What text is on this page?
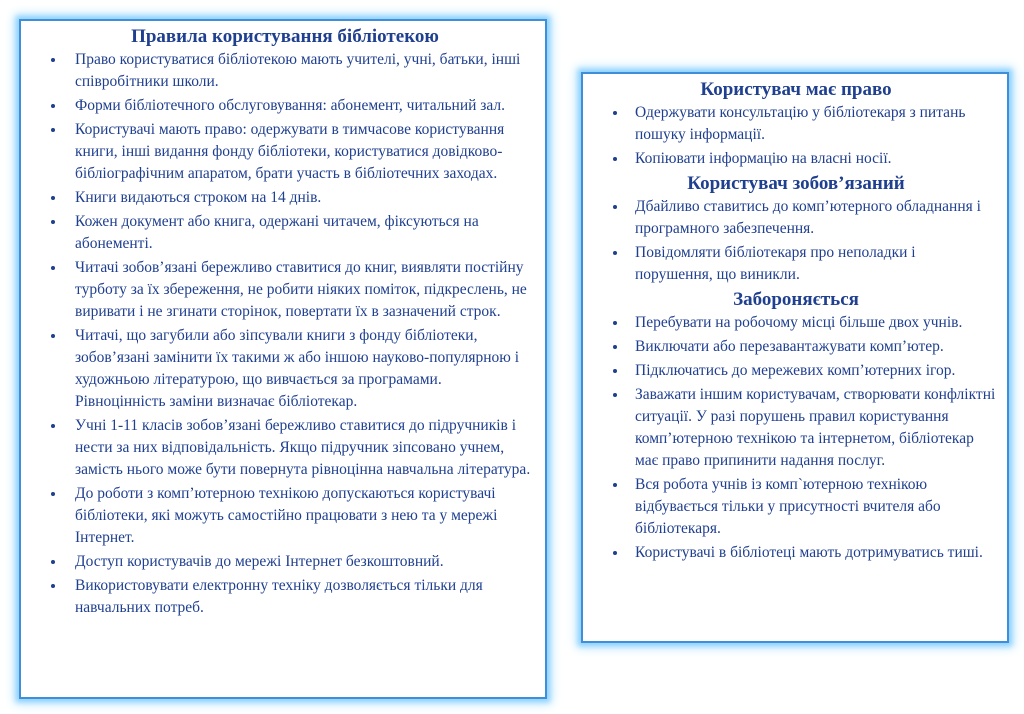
Правила користування бібліотекою
Право користуватися бібліотекою мають учителі, учні, батьки, інші співробітники школи.
Форми бібліотечного обслуговування: абонемент, читальний зал.
Користувачі мають право: одержувати в тимчасове користування книги, інші видання фонду бібліотеки, користуватися довідково-бібліографічним апаратом, брати участь в бібліотечних заходах.
Книги видаються строком на 14 днів.
Кожен документ або книга, одержані читачем, фіксуються на абонементі.
Читачі зобов’язані бережливо ставитися до книг, виявляти постійну турботу за їх збереження, не робити ніяких поміток, підкреслень, не виривати і не згинати сторінок, повертати їх в зазначений строк.
Читачі, що загубили або зіпсували книги з фонду бібліотеки, зобов’язані замінити їх такими ж або іншою науково-популярною і художньою літературою, що вивчається за програмами. Рівноцінність заміни визначає бібліотекар.
Учні 1-11 класів зобов’язані бережливо ставитися до підручників і нести за них відповідальність. Якщо підручник зіпсовано учнем, замість нього може бути повернута рівноцінна навчальна література.
До роботи з комп’ютерною технікою допускаються користувачі бібліотеки, які можуть самостійно працювати з нею та у мережі Інтернет.
Доступ користувачів до мережі Інтернет безкоштовний.
Використовувати електронну техніку дозволяється тільки для навчальних потреб.
Користувач має право
Одержувати консультацію у бібліотекаря з питань пошуку інформації.
Копіювати інформацію на власні носії.
Користувач зобов’язаний
Дбайливо ставитись до комп’ютерного обладнання і програмного забезпечення.
Повідомляти бібліотекаря про неполадки і порушення, що виникли.
Забороняється
Перебувати на робочому місці більше двох учнів.
Виключати або перезавантажувати комп’ютер.
Підключатись до мережевих комп’ютерних ігор.
Заважати іншим користувачам, створювати конфліктні ситуації. У разі порушень правил користування комп’ютерною технікою та інтернетом, бібліотекар має право припинити надання послуг.
Вся робота учнів із комп`ютерною технікою відбувається тільки у присутності вчителя або бібліотекаря.
Користувачі в бібліотеці мають дотримуватись тиші.
